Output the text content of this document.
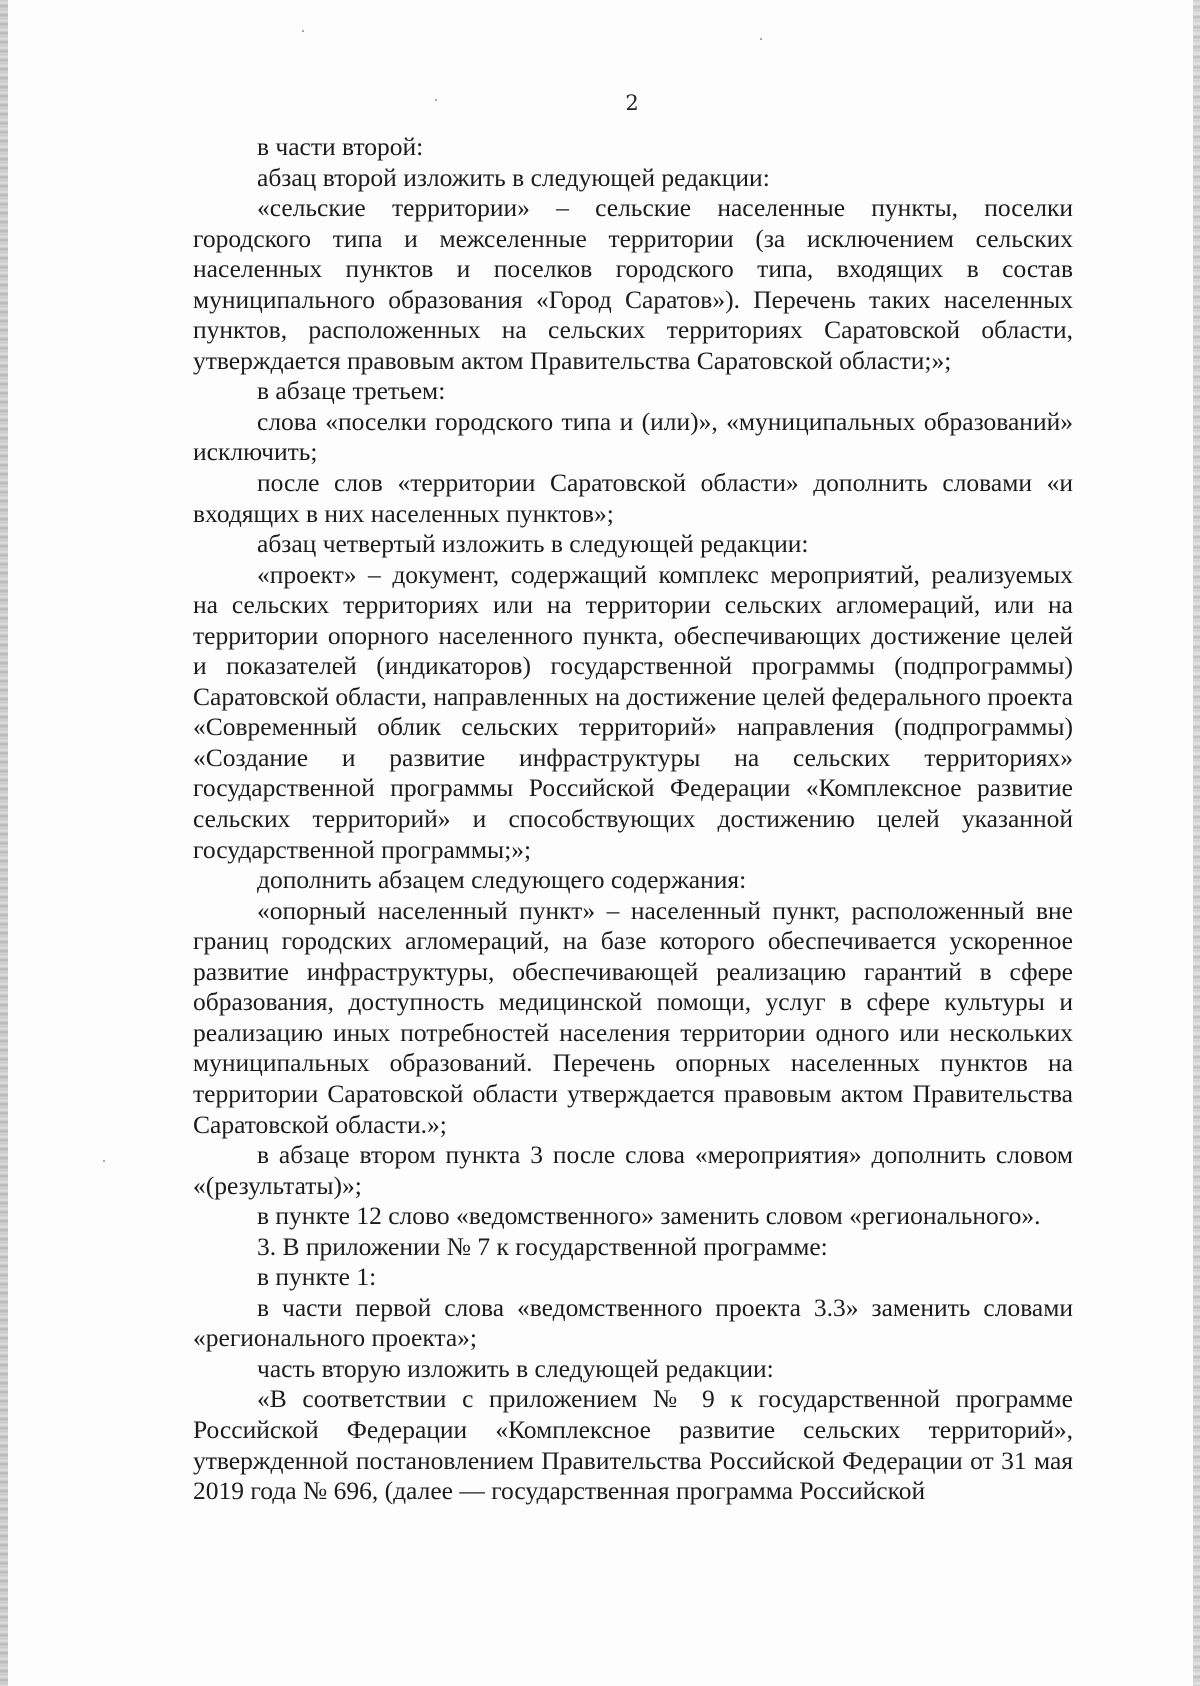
2

в части второй:

абзац второй изложить в следующей редакции:

«сельские территории» – сельские населенные пункты, поселки городского типа и межселенные территории (за исключением сельских населенных пунктов и поселков городского типа, входящих в состав муниципального образования «Город Саратов»). Перечень таких населенных пунктов, расположенных на сельских территориях Саратовской области, утверждается правовым актом Правительства Саратовской области;»;

в абзаце третьем:

слова «поселки городского типа и (или)», «муниципальных образований» исключить;

после слов «территории Саратовской области» дополнить словами «и входящих в них населенных пунктов»;

абзац четвертый изложить в следующей редакции:

«проект» – документ, содержащий комплекс мероприятий, реализуемых на сельских территориях или на территории сельских агломераций, или на территории опорного населенного пункта, обеспечивающих достижение целей и показателей (индикаторов) государственной программы (подпрограммы) Саратовской области, направленных на достижение целей федерального проекта «Современный облик сельских территорий» направления (подпрограммы) «Создание и развитие инфраструктуры на сельских территориях» государственной программы Российской Федерации «Комплексное развитие сельских территорий» и способствующих достижению целей указанной государственной программы;»;

дополнить абзацем следующего содержания:

«опорный населенный пункт» – населенный пункт, расположенный вне границ городских агломераций, на базе которого обеспечивается ускоренное развитие инфраструктуры, обеспечивающей реализацию гарантий в сфере образования, доступность медицинской помощи, услуг в сфере культуры и реализацию иных потребностей населения территории одного или нескольких муниципальных образований. Перечень опорных населенных пунктов на территории Саратовской области утверждается правовым актом Правительства Саратовской области.»;

в абзаце втором пункта 3 после слова «мероприятия» дополнить словом «(результаты)»;

в пункте 12 слово «ведомственного» заменить словом «регионального».

3. В приложении № 7 к государственной программе:

в пункте 1:

в части первой слова «ведомственного проекта 3.3» заменить словами «регионального проекта»;

часть вторую изложить в следующей редакции:

«В соответствии с приложением № 9 к государственной программе Российской Федерации «Комплексное развитие сельских территорий», утвержденной постановлением Правительства Российской Федерации от 31 мая 2019 года № 696, (далее — государственная программа Российской
